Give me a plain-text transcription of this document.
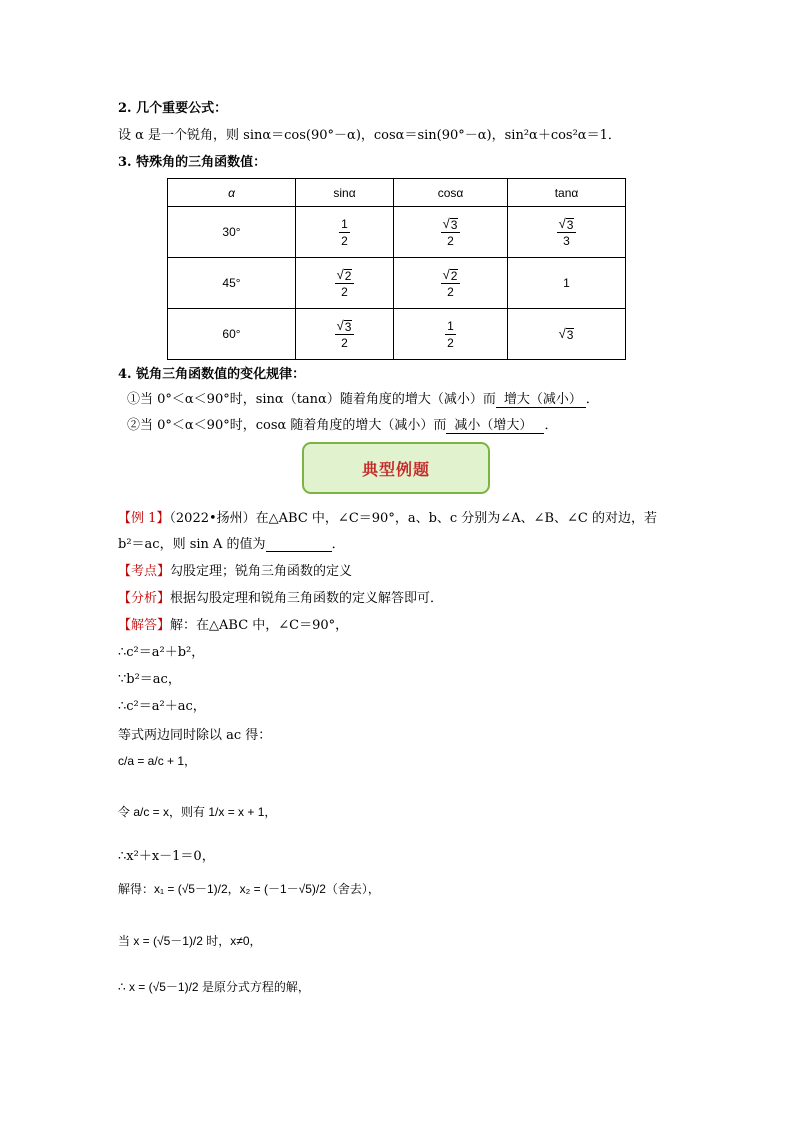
2. 几个重要公式：
设 α 是一个锐角，则 sinα＝cos(90°－α)，cosα＝sin(90°－α)，sin²α＋cos²α＝1．
3. 特殊角的三角函数值：
α	sinα	cosα	tanα
30°	$\frac{1}{2}$	$\frac{√ 3}{2}$	$\frac{√ 3}{3}$

45°	$\frac{√ 2}{2}$	$\frac{√ 2}{2}$	1
60°	$\frac{√ 3}{2}$	$\frac{1}{2}$	√ 3
4. 锐角三角函数值的变化规律：
①当 0°＜α＜90°时，sinα（tanα）随着角度的增大（减小）而 增大（减小） ．
②当 0°＜α＜90°时，cosα 随着角度的增大（减小）而 减小（增大） ．
典型例题
【例 1】（2022•扬州）在△ABC 中，∠C＝90°，a、b、c 分别为∠A、∠B、∠C 的对边，若
b²＝ac，则 sin A 的值为	．
【考点】勾股定理；锐角三角函数的定义
【分析】根据勾股定理和锐角三角函数的定义解答即可．
【解答】解：在△ABC 中，∠C＝90°，
∴c²＝a²＋b²，
∵b²＝ac，
∴c²＝a²＋ac，
等式两边同时除以 ac 得：
c/a = a/c + 1，
令 a/c = x，则有 1/x = x + 1，
∴x²＋x－1＝0，
解得：x₁ = (√5－1)/2，x₂ = (－1－√5)/2（舍去），
当 x = (√5－1)/2 时，x≠0，
∴ x = (√5－1)/2 是原分式方程的解，
